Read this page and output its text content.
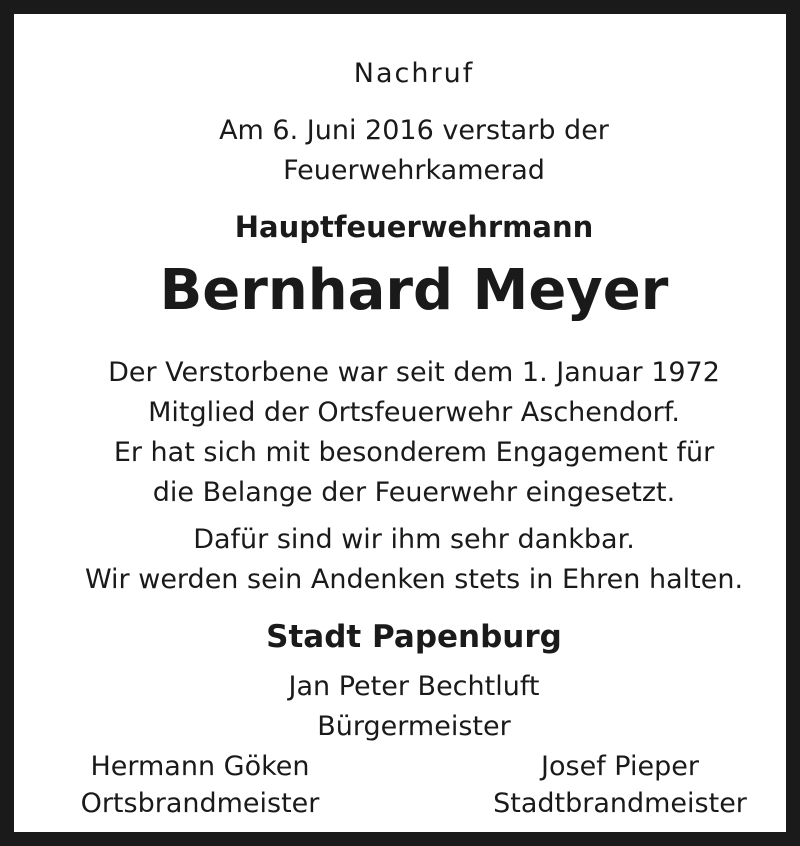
Nachruf
Am 6. Juni 2016 verstarb der
Feuerwehrkamerad
Hauptfeuerwehrmann
Bernhard Meyer
Der Verstorbene war seit dem 1. Januar 1972
Mitglied der Ortsfeuerwehr Aschendorf.
Er hat sich mit besonderem Engagement für
die Belange der Feuerwehr eingesetzt.
Dafür sind wir ihm sehr dankbar.
Wir werden sein Andenken stets in Ehren halten.
Stadt Papenburg
Jan Peter Bechtluft
Bürgermeister
Hermann Göken
Ortsbrandmeister
Josef Pieper
Stadtbrandmeister
